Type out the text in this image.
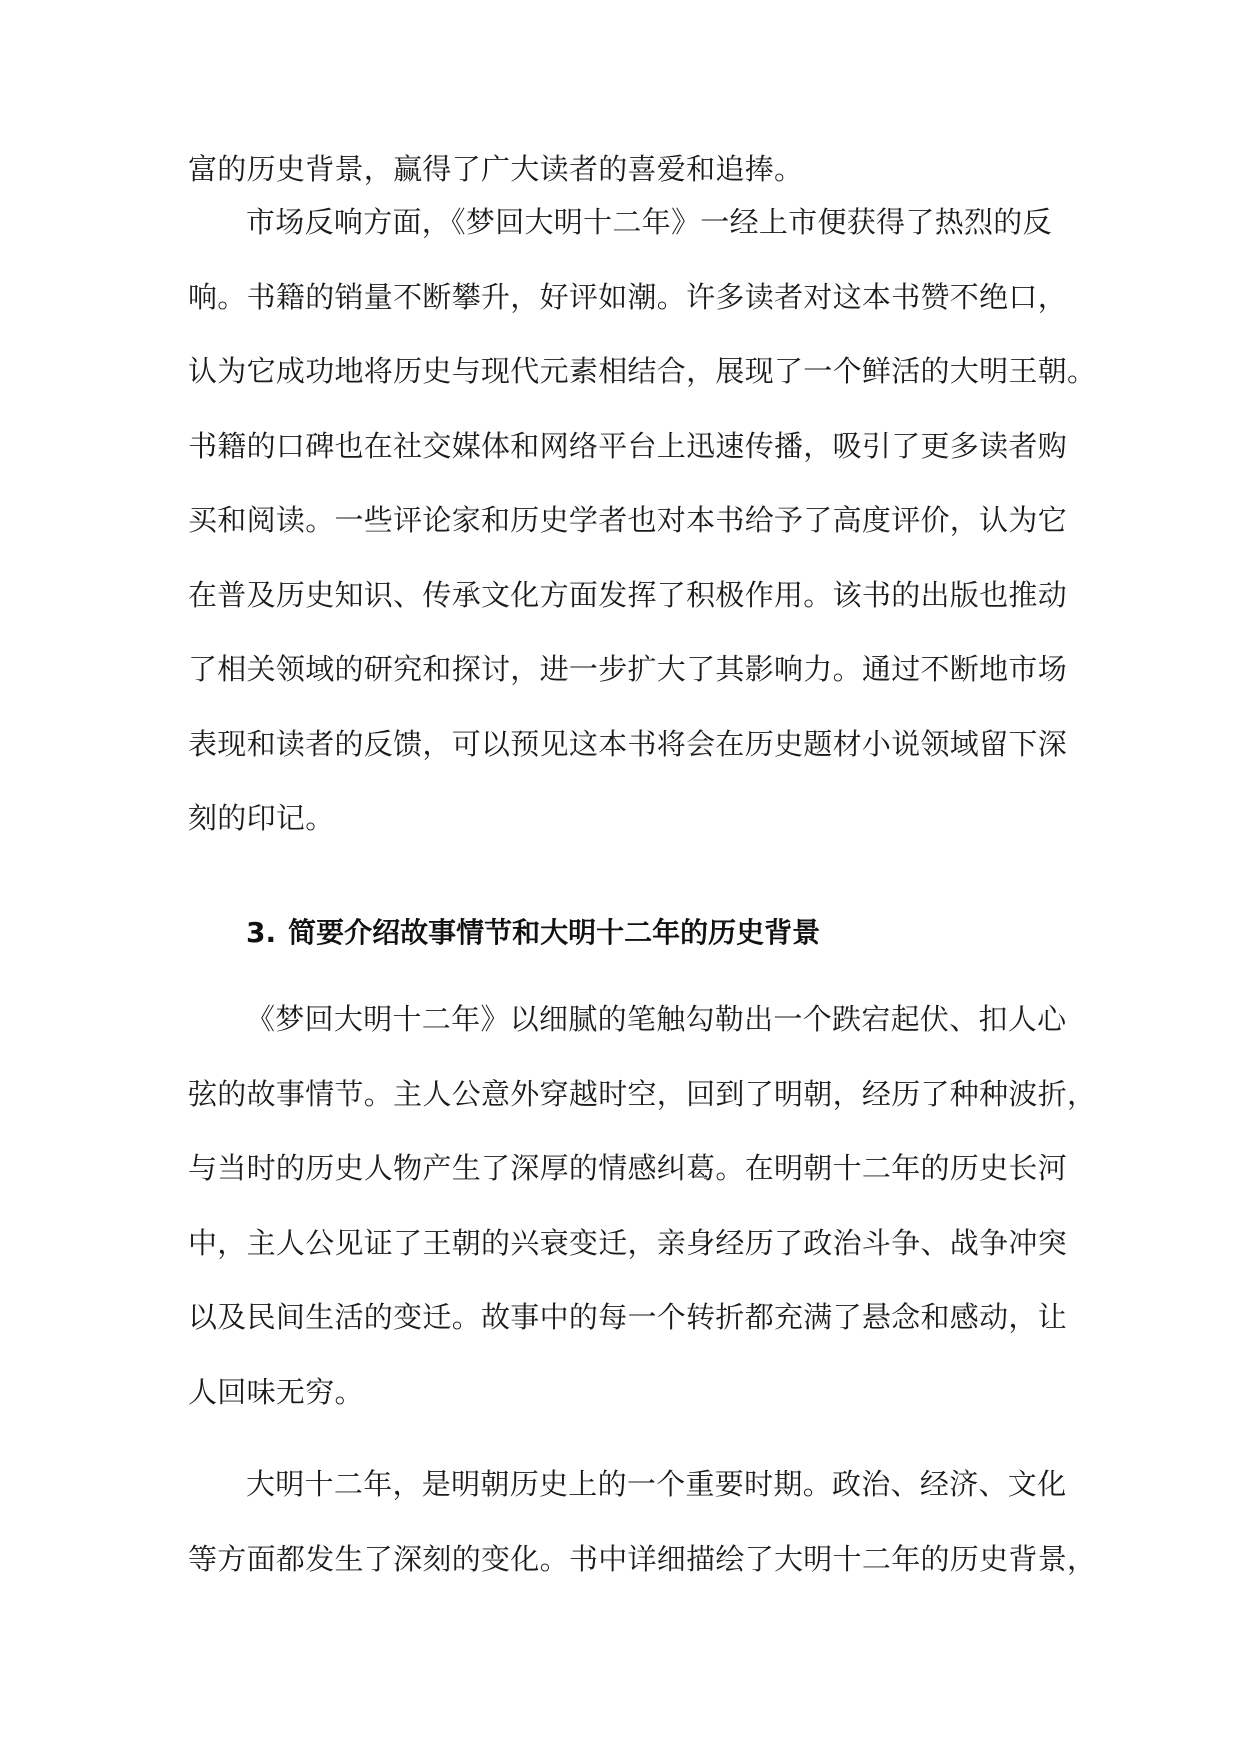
富的历史背景，赢得了广大读者的喜爱和追捧。
市场反响方面，《梦回大明十二年》一经上市便获得了热烈的反
响。书籍的销量不断攀升，好评如潮。许多读者对这本书赞不绝口，
认为它成功地将历史与现代元素相结合，展现了一个鲜活的大明王朝。
书籍的口碑也在社交媒体和网络平台上迅速传播，吸引了更多读者购
买和阅读。一些评论家和历史学者也对本书给予了高度评价，认为它
在普及历史知识、传承文化方面发挥了积极作用。该书的出版也推动
了相关领域的研究和探讨，进一步扩大了其影响力。通过不断地市场
表现和读者的反馈，可以预见这本书将会在历史题材小说领域留下深
刻的印记。
3. 简要介绍故事情节和大明十二年的历史背景
《梦回大明十二年》以细腻的笔触勾勒出一个跌宕起伏、扣人心
弦的故事情节。主人公意外穿越时空，回到了明朝，经历了种种波折，
与当时的历史人物产生了深厚的情感纠葛。在明朝十二年的历史长河
中，主人公见证了王朝的兴衰变迁，亲身经历了政治斗争、战争冲突
以及民间生活的变迁。故事中的每一个转折都充满了悬念和感动，让
人回味无穷。
大明十二年，是明朝历史上的一个重要时期。政治、经济、文化
等方面都发生了深刻的变化。书中详细描绘了大明十二年的历史背景，
